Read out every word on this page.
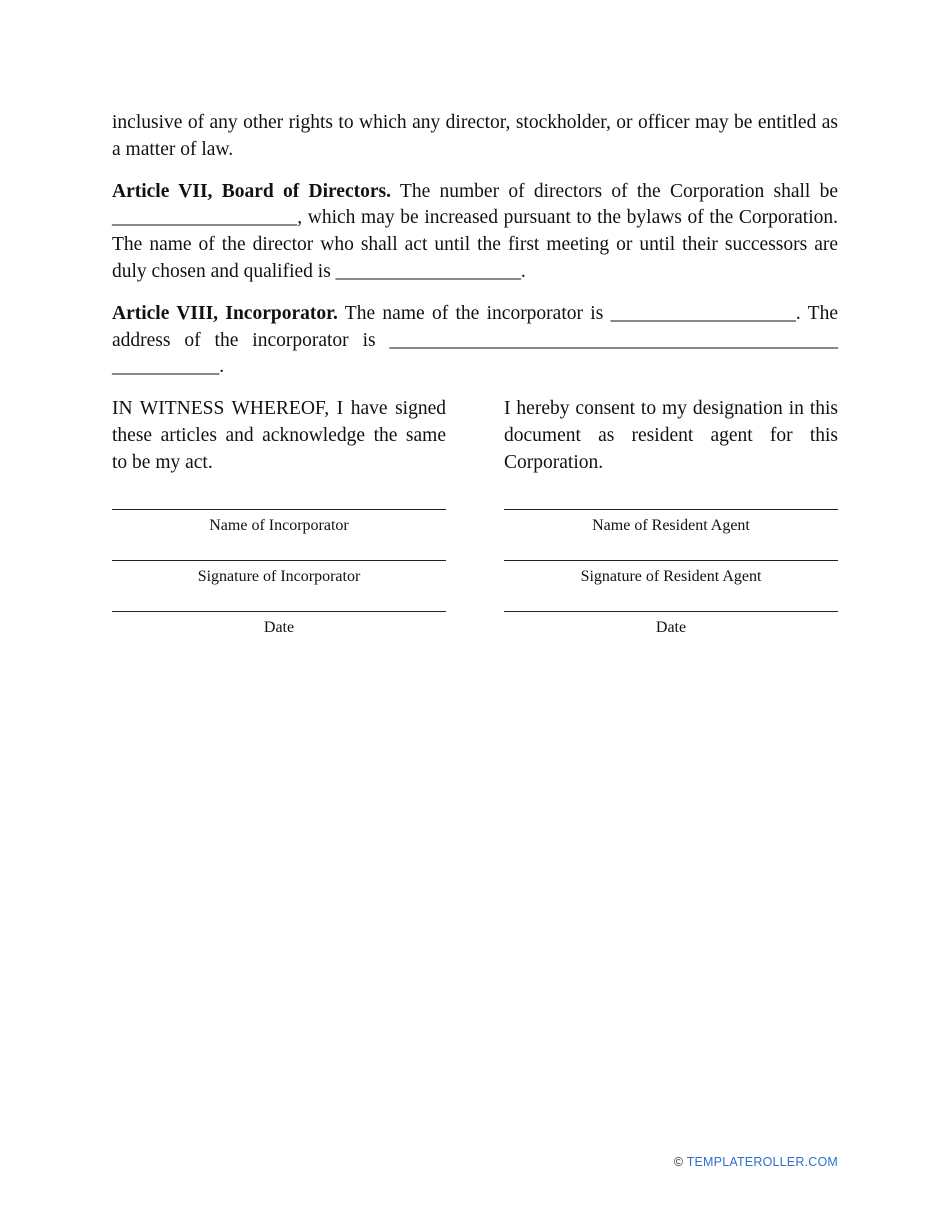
inclusive of any other rights to which any director, stockholder, or officer may be entitled as a matter of law.

Article VII, Board of Directors. The number of directors of the Corporation shall be ___________________, which may be increased pursuant to the bylaws of the Corporation. The name of the director who shall act until the first meeting or until their successors are duly chosen and qualified is ___________________.

Article VIII, Incorporator. The name of the incorporator is ___________________. The address of the incorporator is ______________________________________________ ___________.

IN WITNESS WHEREOF, I have signed these articles and acknowledge the same to be my act.

Name of Incorporator
Signature of Incorporator
Date

I hereby consent to my designation in this document as resident agent for this Corporation.

Name of Resident Agent
Signature of Resident Agent
Date
© TEMPLATEROLLER.COM
